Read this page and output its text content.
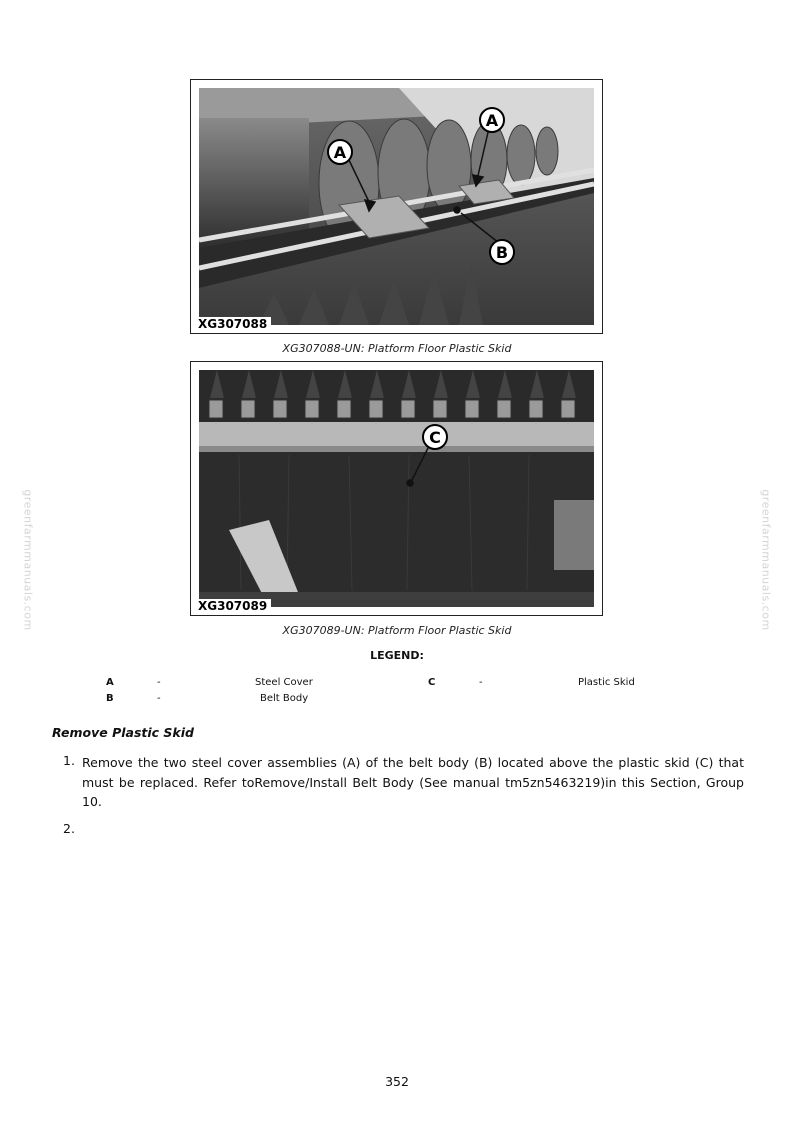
greenfarmmanuals.com	greenfarmmanuals.com
A
A
B
XG307088
XG307088-UN: Platform Floor Plastic Skid
C
XG307089
XG307089-UN: Platform Floor Plastic Skid
LEGEND:
A	-	Steel Cover
B	-	Belt Body
C	-	Plastic Skid
Remove Plastic Skid
1. Remove the two steel cover assemblies (A) of the belt body (B) located above the plastic skid (C) that must be replaced. Refer toRemove/Install Belt Body (See manual tm5zn5463219)in this Section, Group 10.
2.
352
